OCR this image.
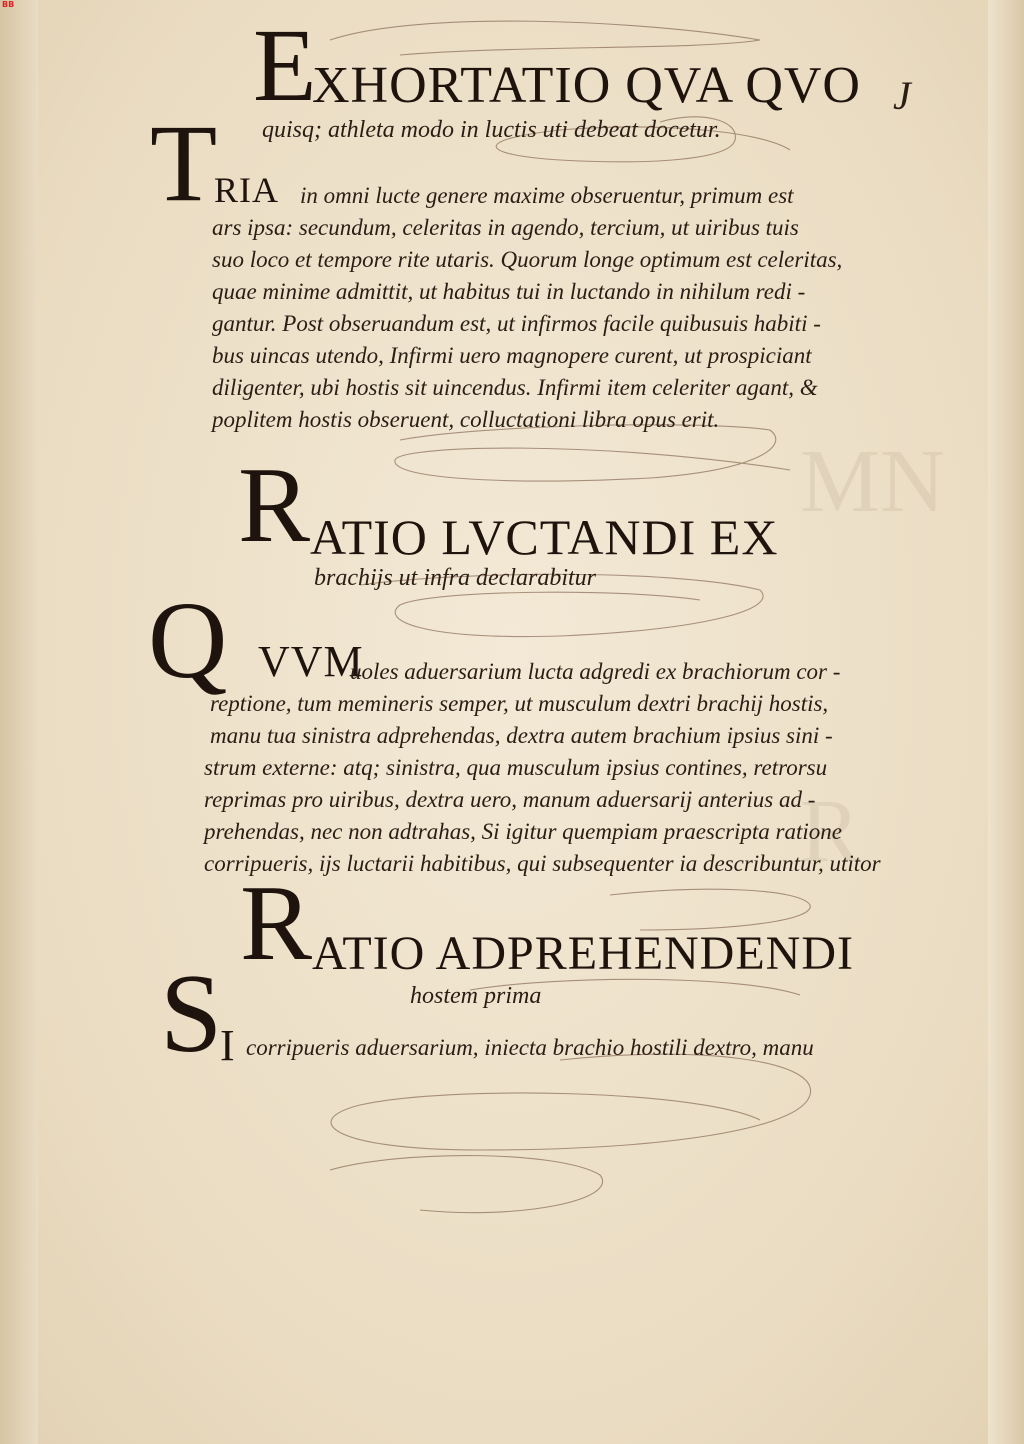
BB
MN
R
J
E
XHORTATIO QVA QVO
quisq; athleta modo in luctis uti debeat docetur.
T
RIA in omni lucte genere maxime obseruentur, primum est
ars ipsa: secundum, celeritas in agendo, tercium, ut uiribus tuis
suo loco et tempore rite utaris. Quorum longe optimum est celeritas,
quae minime admittit, ut habitus tui in luctando in nihilum redi -
gantur. Post obseruandum est, ut infirmos facile quibusuis habiti -
bus uincas utendo, Infirmi uero magnopere curent, ut prospiciant
diligenter, ubi hostis sit uincendus. Infirmi item celeriter agant, &
poplitem hostis obseruent, colluctationi libra opus erit.
R ATIO LVCTANDI EX
brachijs ut infra declarabitur
Q VVM
uoles aduersarium lucta adgredi ex brachiorum cor -
reptione, tum memineris semper, ut musculum dextri brachij hostis,
manu tua sinistra adprehendas, dextra autem brachium ipsius sini -
strum externe: atq; sinistra, qua musculum ipsius contines, retrorsu
reprimas pro uiribus, dextra uero, manum aduersarij anterius ad -
prehendas, nec non adtrahas, Si igitur quempiam praescripta ratione
corripueris, ijs luctarii habitibus, qui subsequenter ia describuntur, utitor
R ATIO ADPREHENDENDI
hostem prima
S
I corripueris aduersarium, iniecta brachio hostili dextro, manu
